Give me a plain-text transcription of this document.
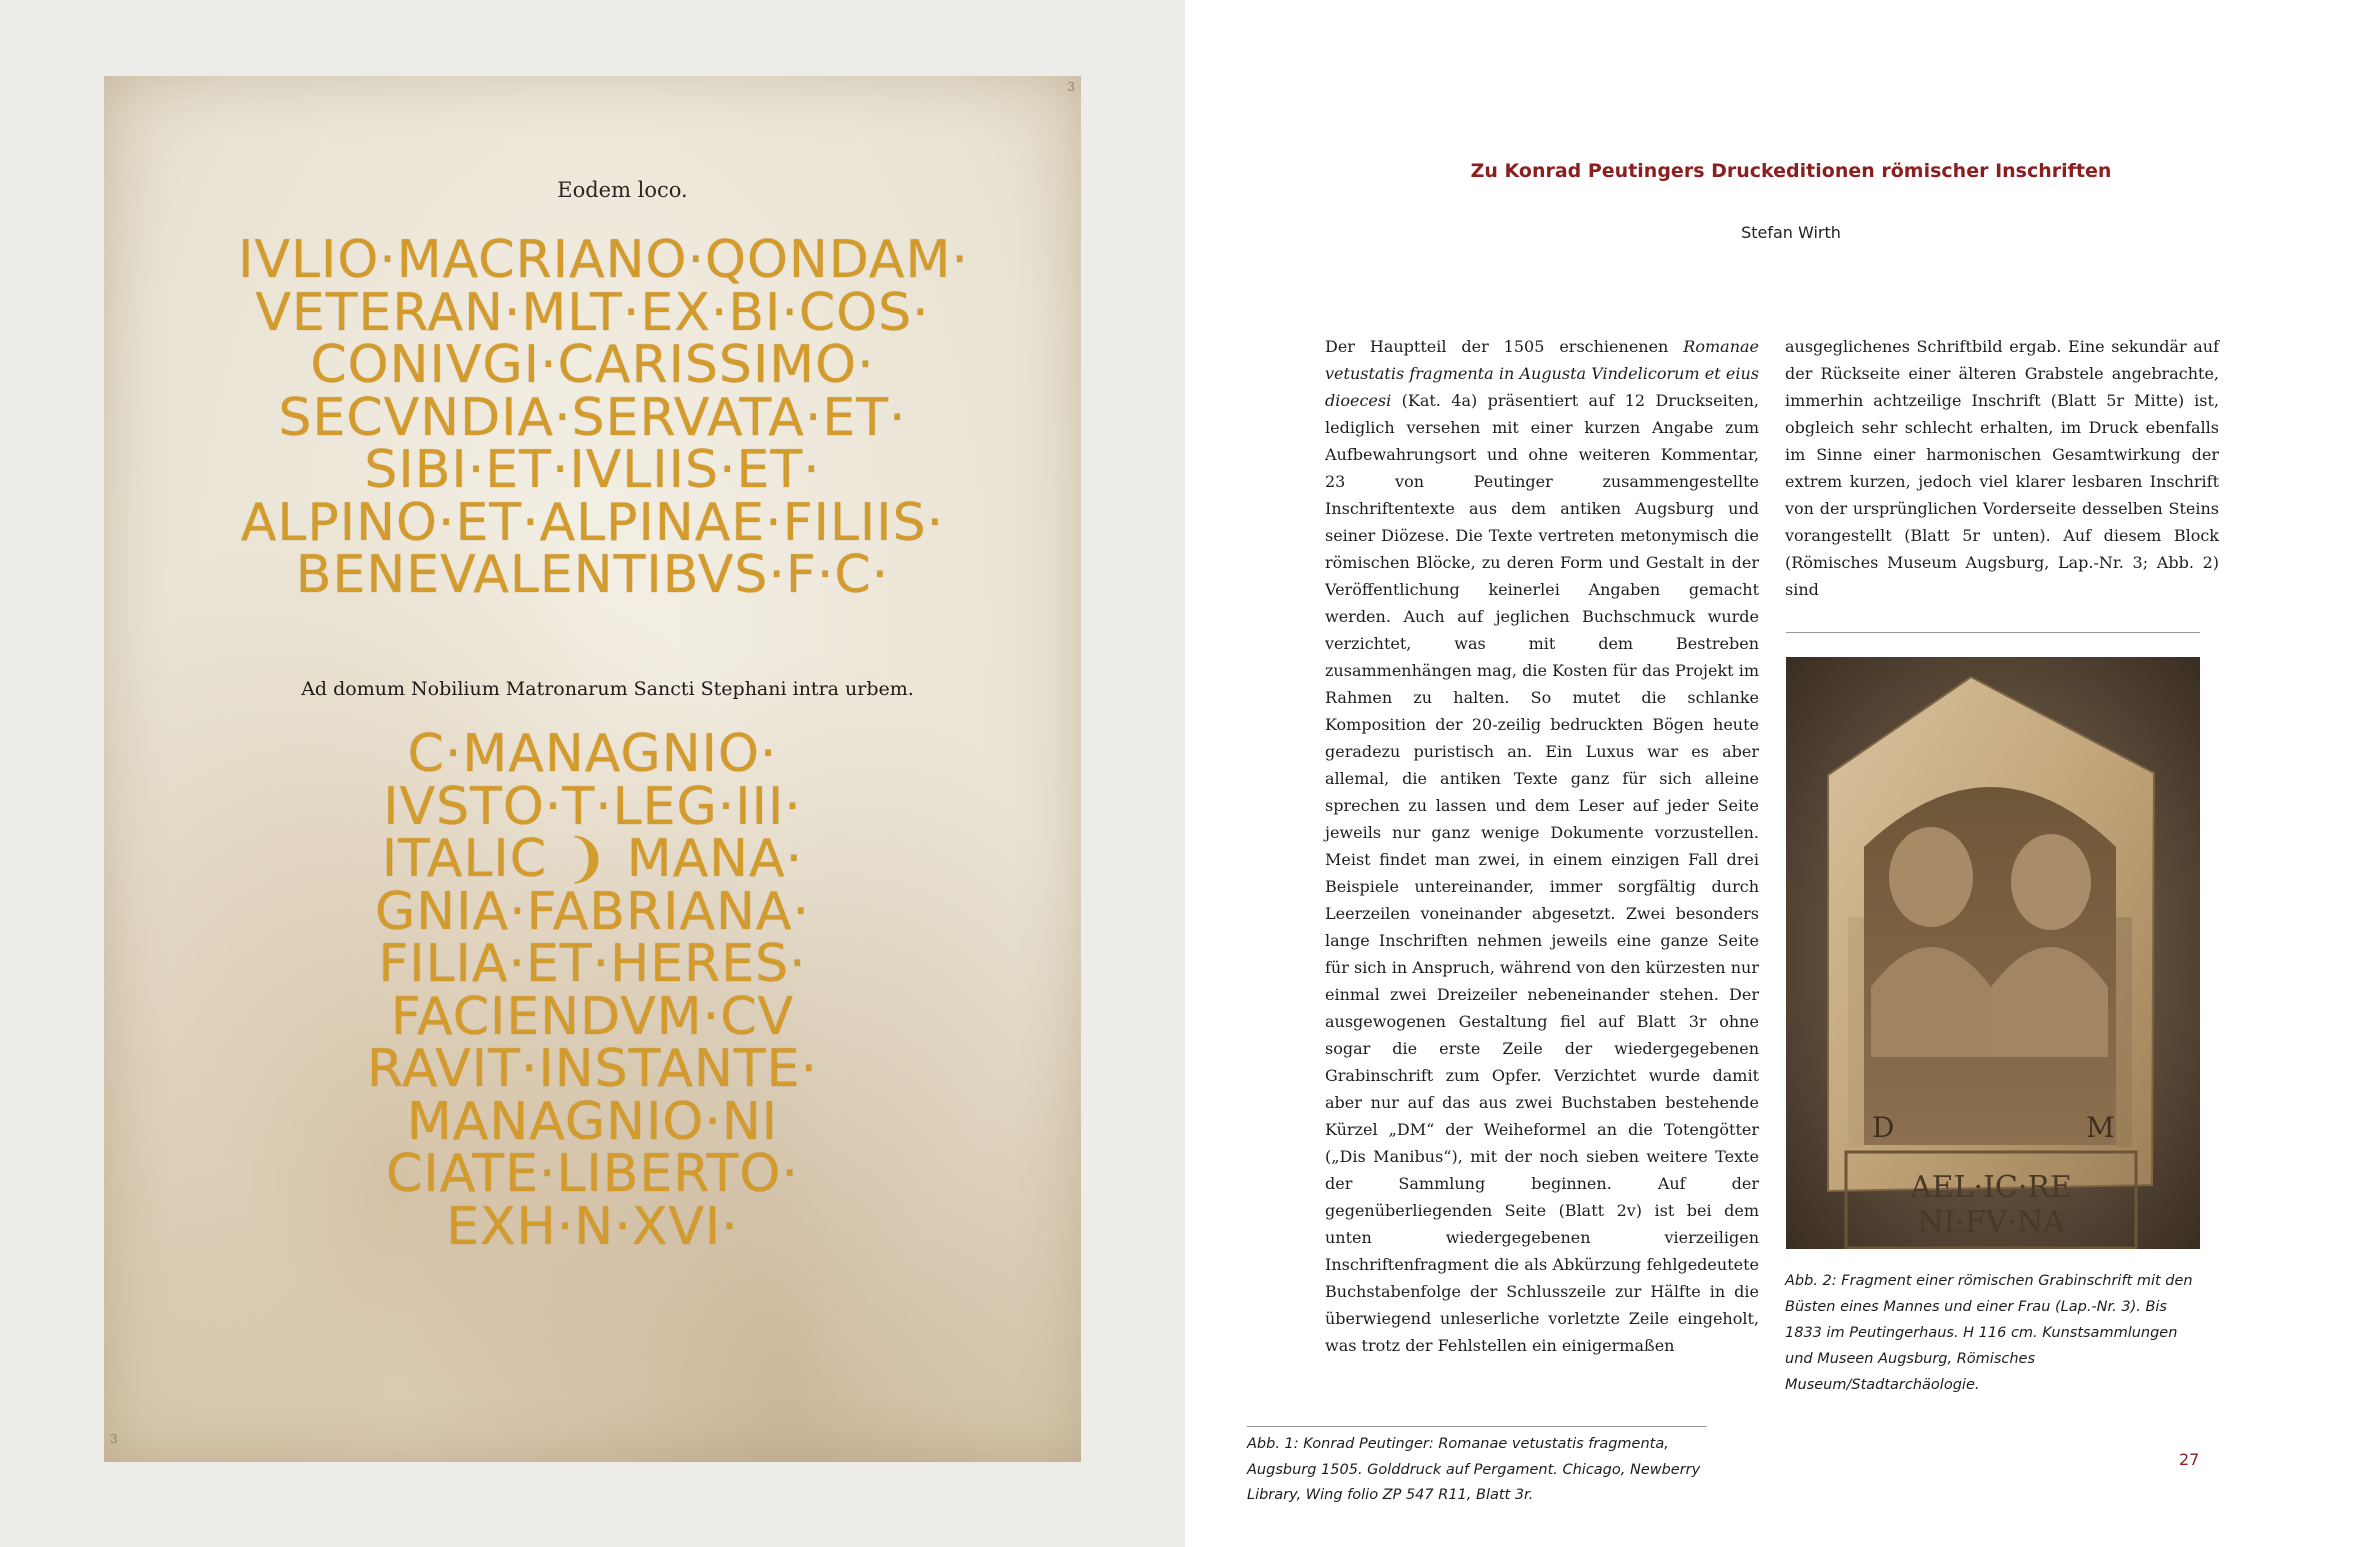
3
3
Eodem loco.
IVLIO·MACRIANO·QONDAM·
VETERAN·MLT·EX·BI·COS·
CONIVGI·CARISSIMO·
SECVNDIA·SERVATA·ET·
SIBI·ET·IVLIIS·ET·
ALPINO·ET·ALPINAE·FILIIS·
BENEVALENTIBVS·F·C·
Ad domum Nobilium Matronarum Sancti Stephani intra urbem.
C·MANAGNIO·
IVSTO·T·LEG·III·
ITALIC ❩ MANA·
GNIA·FABRIANA·
FILIA·ET·HERES·
FACIENDVM·CV
RAVIT·INSTANTE·
MANAGNIO·NI
CIATE·LIBERTO·
EXH·N·XVI·
Zu Konrad Peutingers Druckeditionen römischer Inschriften
Stefan Wirth

Der Hauptteil der 1505 erschienenen Romanae vetustatis fragmenta in Augusta Vindelicorum et eius dioecesi (Kat. 4a) präsentiert auf 12 Druckseiten, lediglich versehen mit einer kurzen Angabe zum Aufbewahrungsort und ohne weiteren Kommentar, 23 von Peutinger zusammengestellte Inschriftentexte aus dem antiken Augsburg und seiner Diözese. Die Texte vertreten metonymisch die römischen Blöcke, zu deren Form und Gestalt in der Veröffentlichung keinerlei Angaben gemacht werden. Auch auf jeglichen Buchschmuck wurde verzichtet, was mit dem Bestreben zusammenhängen mag, die Kosten für das Projekt im Rahmen zu halten. So mutet die schlanke Komposition der 20-zeilig bedruckten Bögen heute geradezu puristisch an. Ein Luxus war es aber allemal, die antiken Texte ganz für sich alleine sprechen zu lassen und dem Leser auf jeder Seite jeweils nur ganz wenige Dokumente vorzustellen. Meist findet man zwei, in einem einzigen Fall drei Beispiele untereinander, immer sorgfältig durch Leerzeilen voneinander abgesetzt. Zwei besonders lange Inschriften nehmen jeweils eine ganze Seite für sich in Anspruch, während von den kürzesten nur einmal zwei Dreizeiler nebeneinander stehen. Der ausgewogenen Gestaltung fiel auf Blatt 3r ohne sogar die erste Zeile der wiedergegebenen Grabinschrift zum Opfer. Verzichtet wurde damit aber nur auf das aus zwei Buchstaben bestehende Kürzel „DM“ der Weiheformel an die Totengötter („Dis Manibus“), mit der noch sieben weitere Texte der Sammlung beginnen. Auf der gegenüberliegenden Seite (Blatt 2v) ist bei dem unten wiedergegebenen vierzeiligen Inschriftenfragment die als Abkürzung fehlgedeutete Buchstabenfolge der Schlusszeile zur Hälfte in die überwiegend unleserliche vorletzte Zeile eingeholt, was trotz der Fehlstellen ein einigermaßen

ausgeglichenes Schriftbild ergab. Eine sekundär auf der Rückseite einer älteren Grabstele angebrachte, immerhin achtzeilige Inschrift (Blatt 5r Mitte) ist, obgleich sehr schlecht erhalten, im Druck ebenfalls im Sinne einer harmonischen Gesamtwirkung der extrem kurzen, jedoch viel klarer lesbaren Inschrift von der ursprünglichen Vorderseite desselben Steins vorangestellt (Blatt 5r unten). Auf diesem Block (Römisches Museum Augsburg, Lap.-Nr. 3; Abb. 2) sind

D	M
AEL·IC·RE
NI·FV·NA
Abb. 2: Fragment einer römischen Grabinschrift mit den Büsten eines Mannes und einer Frau (Lap.-Nr. 3). Bis 1833 im Peutingerhaus. H 116 cm. Kunstsammlungen und Museen Augsburg, Römisches Museum/Stadtarchäologie.
Abb. 1: Konrad Peutinger: Romanae vetustatis fragmenta, Augsburg 1505. Golddruck auf Pergament. Chicago, Newberry Library, Wing folio ZP 547 R11, Blatt 3r.
27
